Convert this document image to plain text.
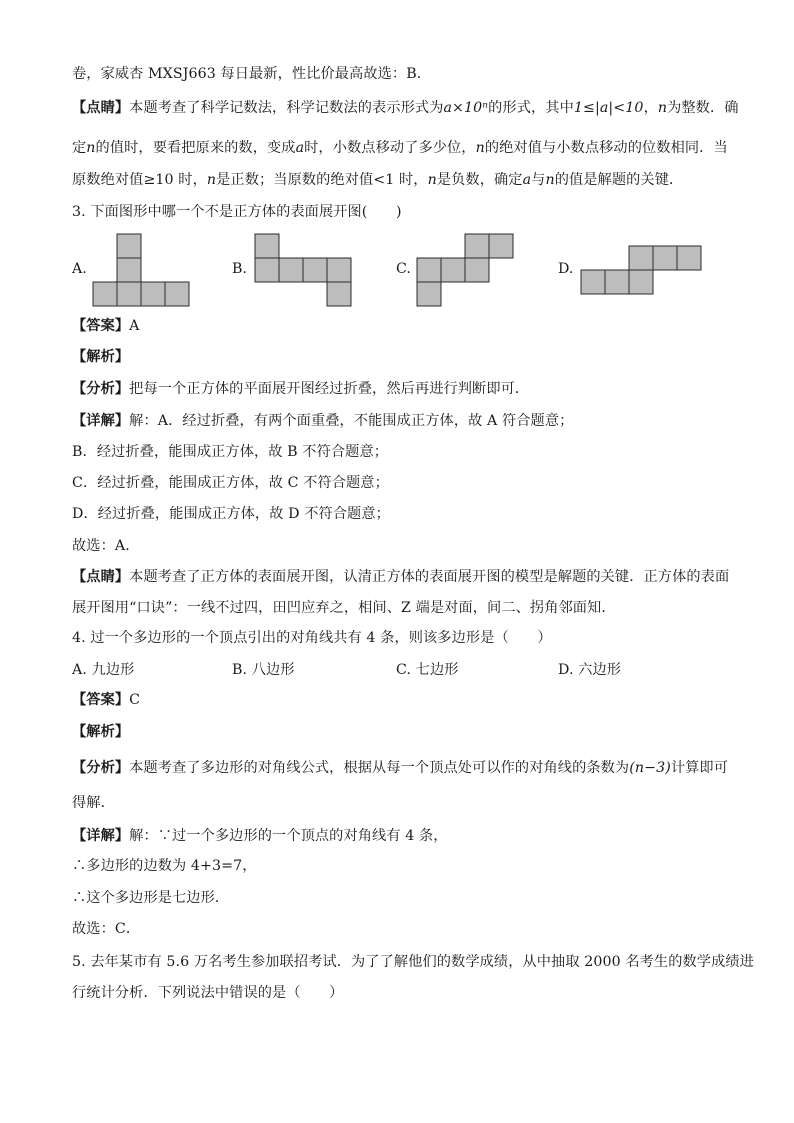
卷，家威杏 MXSJ663 每日最新，性比价最高故选：B．
【点睛】本题考查了科学记数法，科学记数法的表示形式为a×10ⁿ的形式，其中1≤|a|<10，n为整数．确
定n的值时，要看把原来的数，变成a时，小数点移动了多少位，n的绝对值与小数点移动的位数相同．当
原数绝对值≥10 时，n是正数；当原数的绝对值<1 时，n是负数，确定a与n的值是解题的关键．
3. 下面图形中哪一个不是正方体的表面展开图(　　)
A.	B.	C.	D.
【答案】A
【解析】
【分析】把每一个正方体的平面展开图经过折叠，然后再进行判断即可．
【详解】解：A．经过折叠，有两个面重叠，不能围成正方体，故 A 符合题意；
B．经过折叠，能围成正方体，故 B 不符合题意；
C．经过折叠，能围成正方体，故 C 不符合题意；
D．经过折叠，能围成正方体，故 D 不符合题意；
故选：A．
【点睛】本题考查了正方体的表面展开图，认清正方体的表面展开图的模型是解题的关键．正方体的表面
展开图用“口诀”：一线不过四，田凹应弃之，相间、Z 端是对面，间二、拐角邻面知．
4. 过一个多边形的一个顶点引出的对角线共有 4 条，则该多边形是（　　）
A. 九边形	B. 八边形	C. 七边形	D. 六边形
【答案】C
【解析】
【分析】本题考查了多边形的对角线公式，根据从每一个顶点处可以作的对角线的条数为(n−3)计算即可
得解．
【详解】解：∵过一个多边形的一个顶点的对角线有 4 条，
∴多边形的边数为 4+3=7，
∴这个多边形是七边形．
故选：C．
5. 去年某市有 5.6 万名考生参加联招考试．为了了解他们的数学成绩，从中抽取 2000 名考生的数学成绩进
行统计分析．下列说法中错误的是（　　）
